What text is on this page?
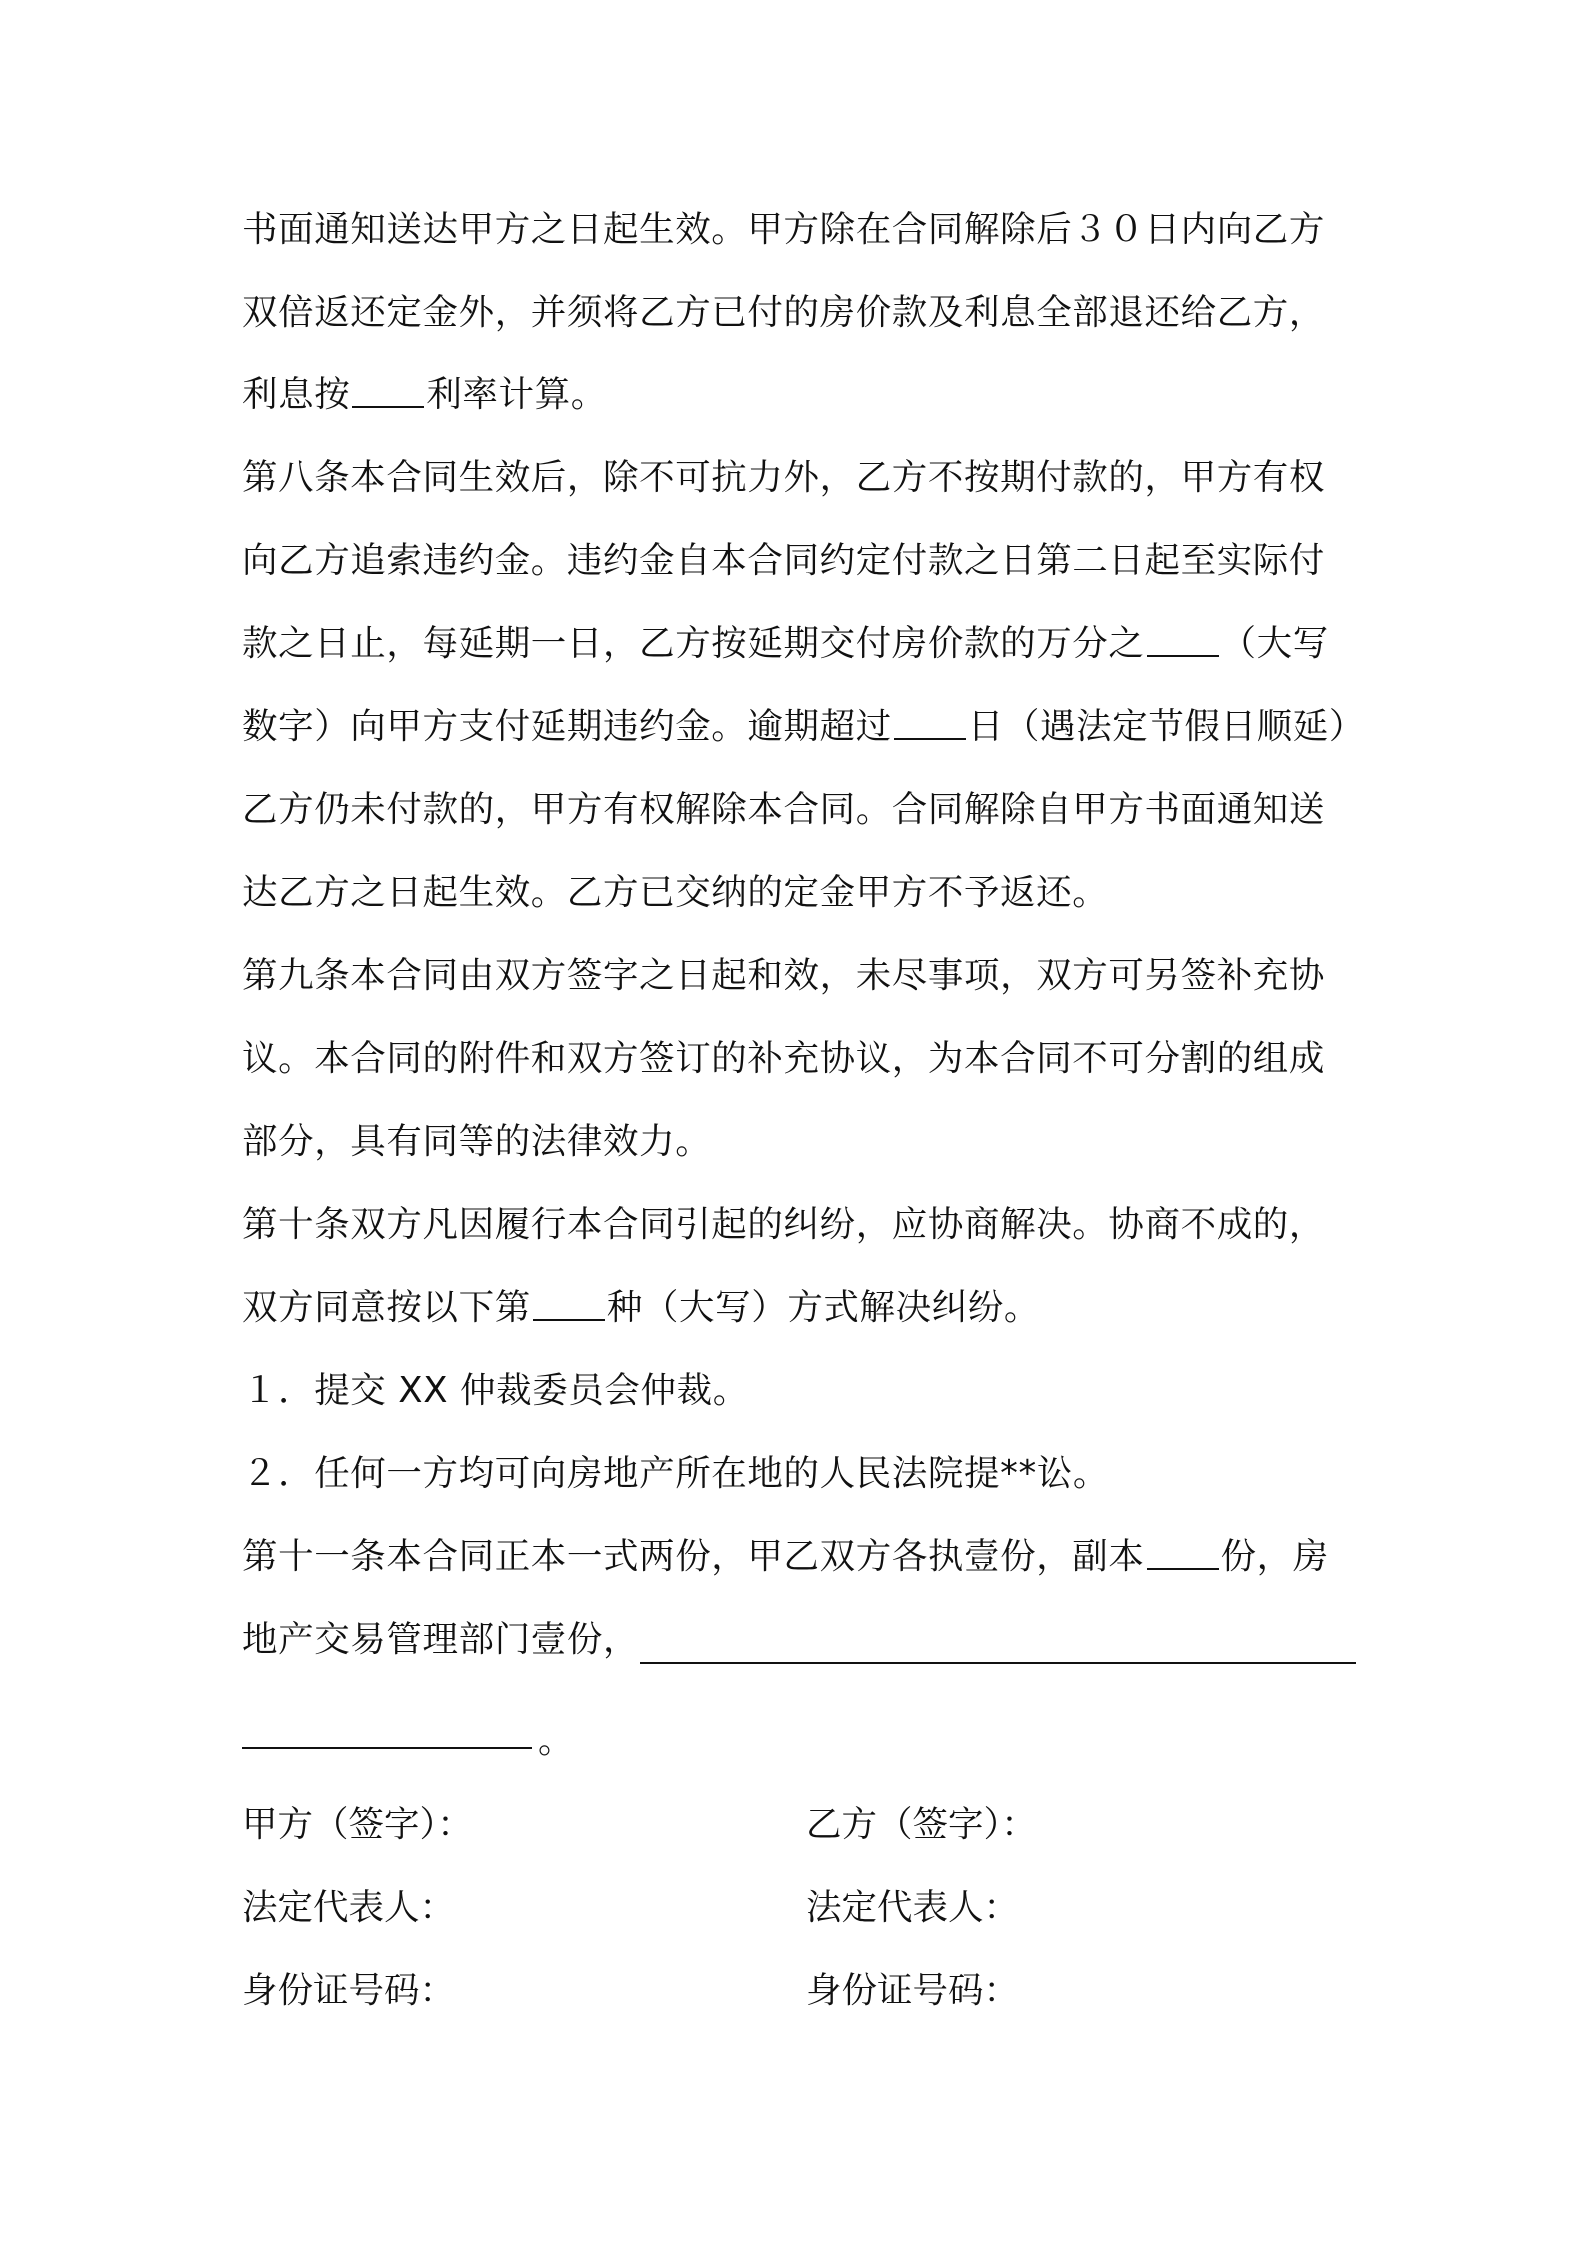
书面通知送达甲方之日起生效。甲方除在合同解除后３０日内向乙方
双倍返还定金外，并须将乙方已付的房价款及利息全部退还给乙方，
利息按 利率计算。
第八条本合同生效后，除不可抗力外，乙方不按期付款的，甲方有权
向乙方追索违约金。违约金自本合同约定付款之日第二日起至实际付
款之日止，每延期一日，乙方按延期交付房价款的万分之 （大写
数字）向甲方支付延期违约金。逾期超过 日（遇法定节假日顺延）
乙方仍未付款的，甲方有权解除本合同。合同解除自甲方书面通知送
达乙方之日起生效。乙方已交纳的定金甲方不予返还。
第九条本合同由双方签字之日起和效，未尽事项，双方可另签补充协
议。本合同的附件和双方签订的补充协议，为本合同不可分割的组成
部分，具有同等的法律效力。
第十条双方凡因履行本合同引起的纠纷，应协商解决。协商不成的，
双方同意按以下第 种（大写）方式解决纠纷。
１．提交 XX 仲裁委员会仲裁。
２．任何一方均可向房地产所在地的人民法院提**讼。
第十一条本合同正本一式两份，甲乙双方各执壹份，副本 份，房
地产交易管理部门壹份，
。
甲方（签字）：	乙方（签字）：
法定代表人：	法定代表人：
身份证号码：	身份证号码：
